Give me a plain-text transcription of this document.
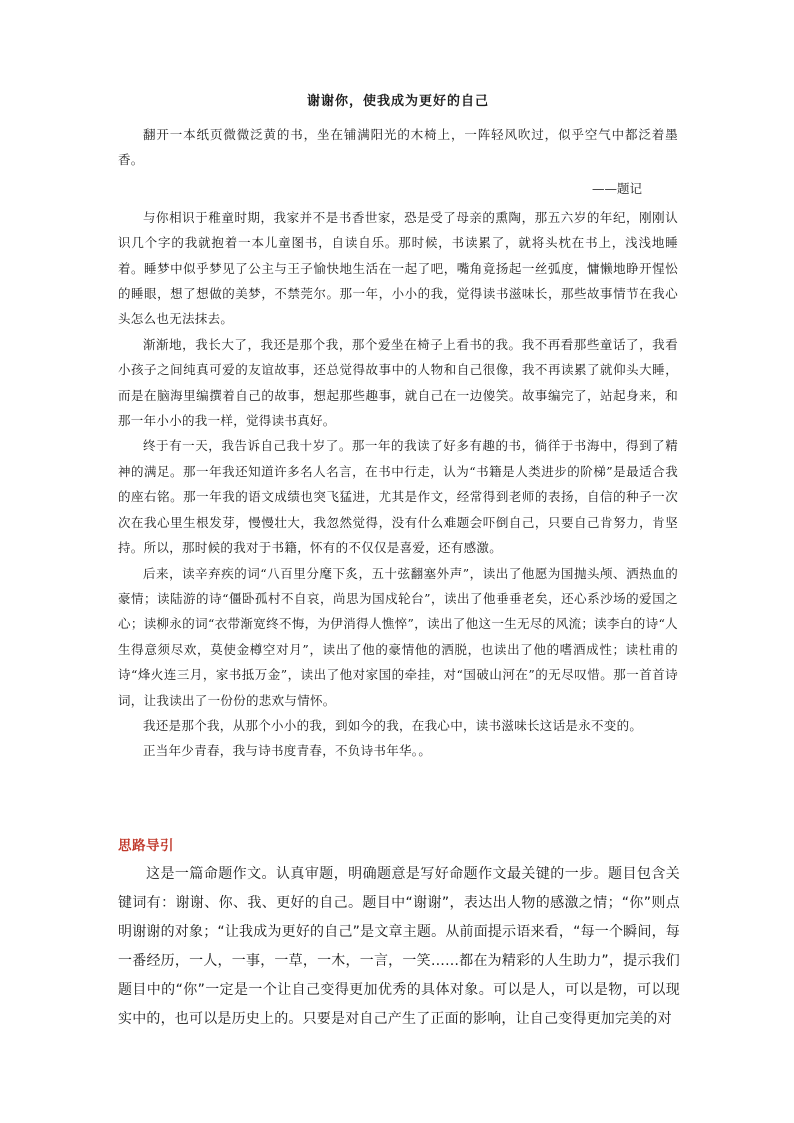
谢谢你，使我成为更好的自己

翻开一本纸页微微泛黄的书，坐在铺满阳光的木椅上，一阵轻风吹过，似乎空气中都泛着墨香。

——题记

与你相识于稚童时期，我家并不是书香世家，恐是受了母亲的熏陶，那五六岁的年纪，刚刚认识几个字的我就抱着一本儿童图书，自读自乐。那时候，书读累了，就将头枕在书上，浅浅地睡着。睡梦中似乎梦见了公主与王子愉快地生活在一起了吧，嘴角竟扬起一丝弧度，慵懒地睁开惺忪的睡眼，想了想做的美梦，不禁莞尔。那一年，小小的我，觉得读书滋味长，那些故事情节在我心头怎么也无法抹去。

渐渐地，我长大了，我还是那个我，那个爱坐在椅子上看书的我。我不再看那些童话了，我看小孩子之间纯真可爱的友谊故事，还总觉得故事中的人物和自己很像，我不再读累了就仰头大睡，而是在脑海里编撰着自己的故事，想起那些趣事，就自己在一边傻笑。故事编完了，站起身来，和那一年小小的我一样，觉得读书真好。

终于有一天，我告诉自己我十岁了。那一年的我读了好多有趣的书，徜徉于书海中，得到了精神的满足。那一年我还知道许多名人名言，在书中行走，认为“书籍是人类进步的阶梯”是最适合我的座右铭。那一年我的语文成绩也突飞猛进，尤其是作文，经常得到老师的表扬，自信的种子一次次在我心里生根发芽，慢慢壮大，我忽然觉得，没有什么难题会吓倒自己，只要自己肯努力，肯坚持。所以，那时候的我对于书籍，怀有的不仅仅是喜爱，还有感激。

后来，读辛弃疾的词“八百里分麾下炙，五十弦翻塞外声”，读出了他愿为国抛头颅、洒热血的豪情；读陆游的诗“僵卧孤村不自哀，尚思为国戍轮台”，读出了他垂垂老矣，还心系沙场的爱国之心；读柳永的词“衣带渐宽终不悔，为伊消得人憔悴”，读出了他这一生无尽的风流；读李白的诗“人生得意须尽欢，莫使金樽空对月”，读出了他的豪情他的洒脱，也读出了他的嗜酒成性；读杜甫的诗“烽火连三月，家书抵万金”，读出了他对家国的牵挂，对“国破山河在”的无尽叹惜。那一首首诗词，让我读出了一份份的悲欢与情怀。

我还是那个我，从那个小小的我，到如今的我，在我心中，读书滋味长这话是永不变的。

正当年少青春，我与诗书度青春，不负诗书年华。。

思路导引

这是一篇命题作文。认真审题，明确题意是写好命题作文最关键的一步。题目包含关键词有：谢谢、你、我、更好的自己。题目中“谢谢”，表达出人物的感激之情；“你”则点明谢谢的对象；“让我成为更好的自己”是文章主题。从前面提示语来看，“每一个瞬间，每一番经历，一人，一事，一草，一木，一言，一笑……都在为精彩的人生助力”，提示我们题目中的“你”一定是一个让自己变得更加优秀的具体对象。可以是人，可以是物，可以现实中的，也可以是历史上的。只要是对自己产生了正面的影响，让自己变得更加完美的对
